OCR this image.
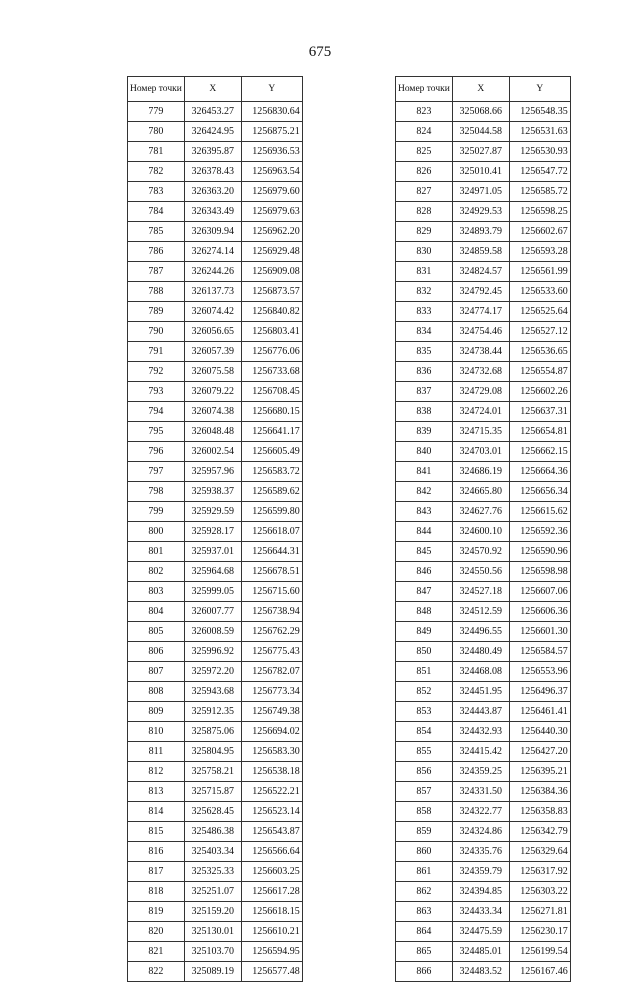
675
Номер точки	X	Y
779	326453.27	1256830.64
780	326424.95	1256875.21
781	326395.87	1256936.53
782	326378.43	1256963.54
783	326363.20	1256979.60
784	326343.49	1256979.63
785	326309.94	1256962.20
786	326274.14	1256929.48
787	326244.26	1256909.08
788	326137.73	1256873.57
789	326074.42	1256840.82
790	326056.65	1256803.41
791	326057.39	1256776.06
792	326075.58	1256733.68
793	326079.22	1256708.45
794	326074.38	1256680.15
795	326048.48	1256641.17
796	326002.54	1256605.49
797	325957.96	1256583.72
798	325938.37	1256589.62
799	325929.59	1256599.80
800	325928.17	1256618.07
801	325937.01	1256644.31
802	325964.68	1256678.51
803	325999.05	1256715.60
804	326007.77	1256738.94
805	326008.59	1256762.29
806	325996.92	1256775.43
807	325972.20	1256782.07
808	325943.68	1256773.34
809	325912.35	1256749.38
810	325875.06	1256694.02
811	325804.95	1256583.30
812	325758.21	1256538.18
813	325715.87	1256522.21
814	325628.45	1256523.14
815	325486.38	1256543.87
816	325403.34	1256566.64
817	325325.33	1256603.25
818	325251.07	1256617.28
819	325159.20	1256618.15
820	325130.01	1256610.21
821	325103.70	1256594.95
822	325089.19	1256577.48
Номер точки	X	Y
823	325068.66	1256548.35
824	325044.58	1256531.63
825	325027.87	1256530.93
826	325010.41	1256547.72
827	324971.05	1256585.72
828	324929.53	1256598.25
829	324893.79	1256602.67
830	324859.58	1256593.28
831	324824.57	1256561.99
832	324792.45	1256533.60
833	324774.17	1256525.64
834	324754.46	1256527.12
835	324738.44	1256536.65
836	324732.68	1256554.87
837	324729.08	1256602.26
838	324724.01	1256637.31
839	324715.35	1256654.81
840	324703.01	1256662.15
841	324686.19	1256664.36
842	324665.80	1256656.34
843	324627.76	1256615.62
844	324600.10	1256592.36
845	324570.92	1256590.96
846	324550.56	1256598.98
847	324527.18	1256607.06
848	324512.59	1256606.36
849	324496.55	1256601.30
850	324480.49	1256584.57
851	324468.08	1256553.96
852	324451.95	1256496.37
853	324443.87	1256461.41
854	324432.93	1256440.30
855	324415.42	1256427.20
856	324359.25	1256395.21
857	324331.50	1256384.36
858	324322.77	1256358.83
859	324324.86	1256342.79
860	324335.76	1256329.64
861	324359.79	1256317.92
862	324394.85	1256303.22
863	324433.34	1256271.81
864	324475.59	1256230.17
865	324485.01	1256199.54
866	324483.52	1256167.46
